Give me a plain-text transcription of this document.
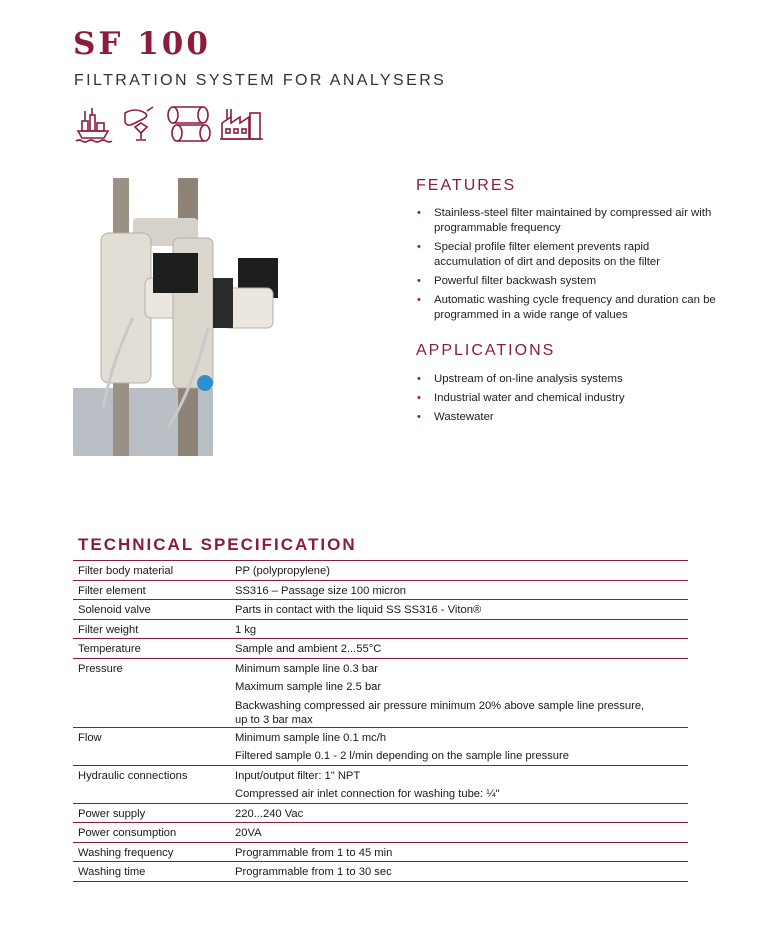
SF 100
FILTRATION SYSTEM FOR ANALYSERS
FEATURES
• Stainless-steel filter maintained by compressed air with programmable frequency
• Special profile filter element prevents rapid accumulation of dirt and deposits on the filter
• Powerful filter backwash system
• Automatic washing cycle frequency and duration can be programmed in a wide range of values
APPLICATIONS
• Upstream of on-line analysis systems
• Industrial water and chemical industry
• Wastewater
TECHNICAL SPECIFICATION
Filter body material	PP (polypropylene)
Filter element	SS316 – Passage size 100 micron
Solenoid valve	Parts in contact with the liquid SS SS316 - Viton®
Filter weight	1 kg
Temperature	Sample and ambient 2...55°C
Pressure	Minimum sample line 0.3 bar
Maximum sample line 2.5 bar
Backwashing compressed air pressure minimum 20% above sample line pressure, up to 3 bar max
Flow	Minimum sample line 0.1 mc/h
Filtered sample 0.1 - 2 l/min depending on the sample line pressure
Hydraulic connections	Input/output filter: 1" NPT
Compressed air inlet connection for washing tube: ¼"
Power supply	220...240 Vac
Power consumption	20VA
Washing frequency	Programmable from 1 to 45 min
Washing time	Programmable from 1 to 30 sec
